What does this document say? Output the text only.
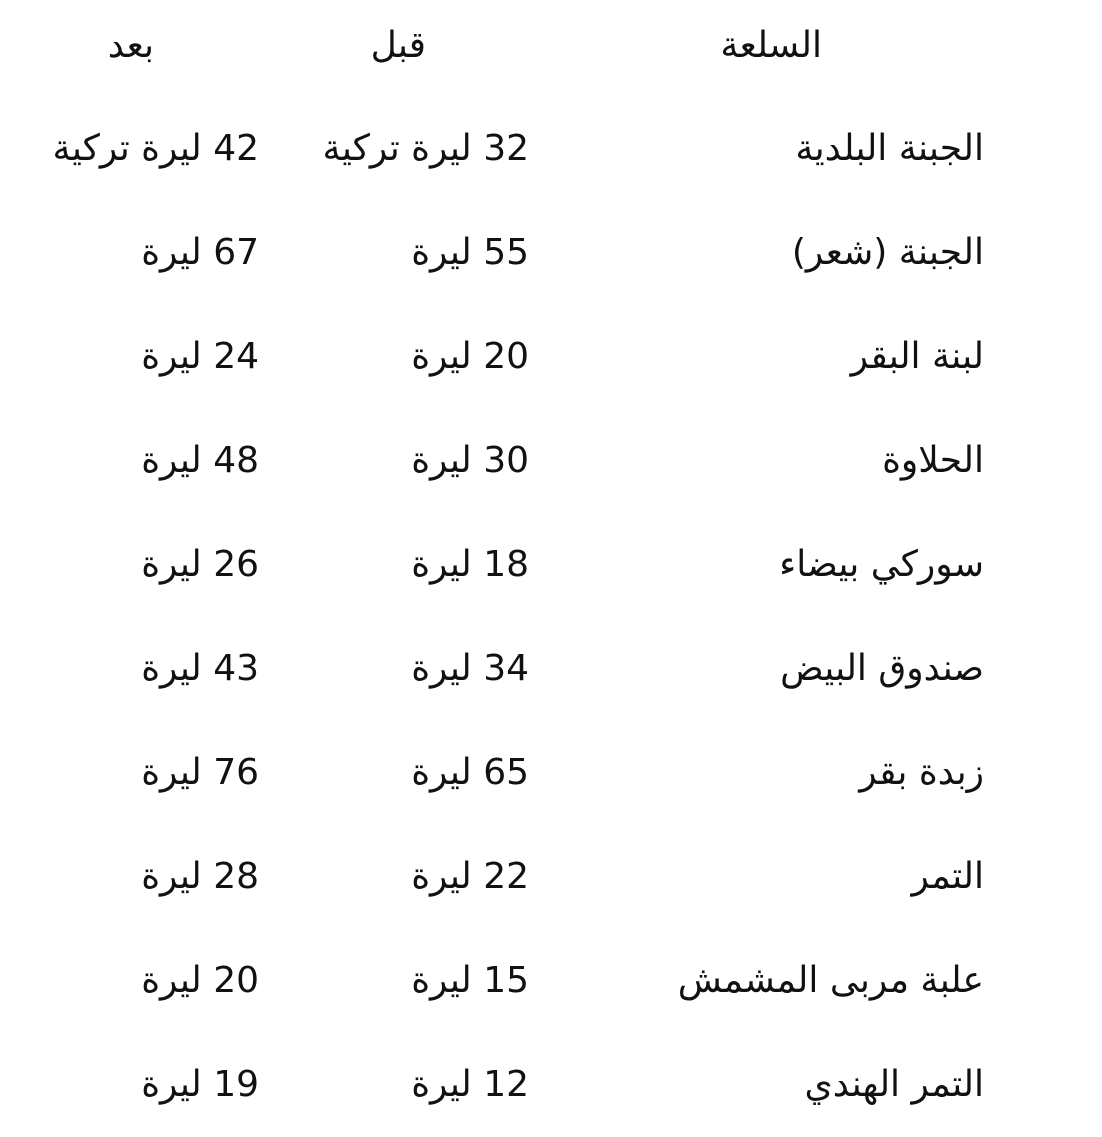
السلعة
قبل
بعد
الجبنة البلدية
32 ليرة تركية
42 ليرة تركية
الجبنة (شعر)
55 ليرة
67 ليرة
لبنة البقر
20 ليرة
24 ليرة
الحلاوة
30 ليرة
48 ليرة
سوركي بيضاء
18 ليرة
26 ليرة
صندوق البيض
34 ليرة
43 ليرة
زبدة بقر
65 ليرة
76 ليرة
التمر
22 ليرة
28 ليرة
علبة مربى المشمش
15 ليرة
20 ليرة
التمر الهندي
12 ليرة
19 ليرة
